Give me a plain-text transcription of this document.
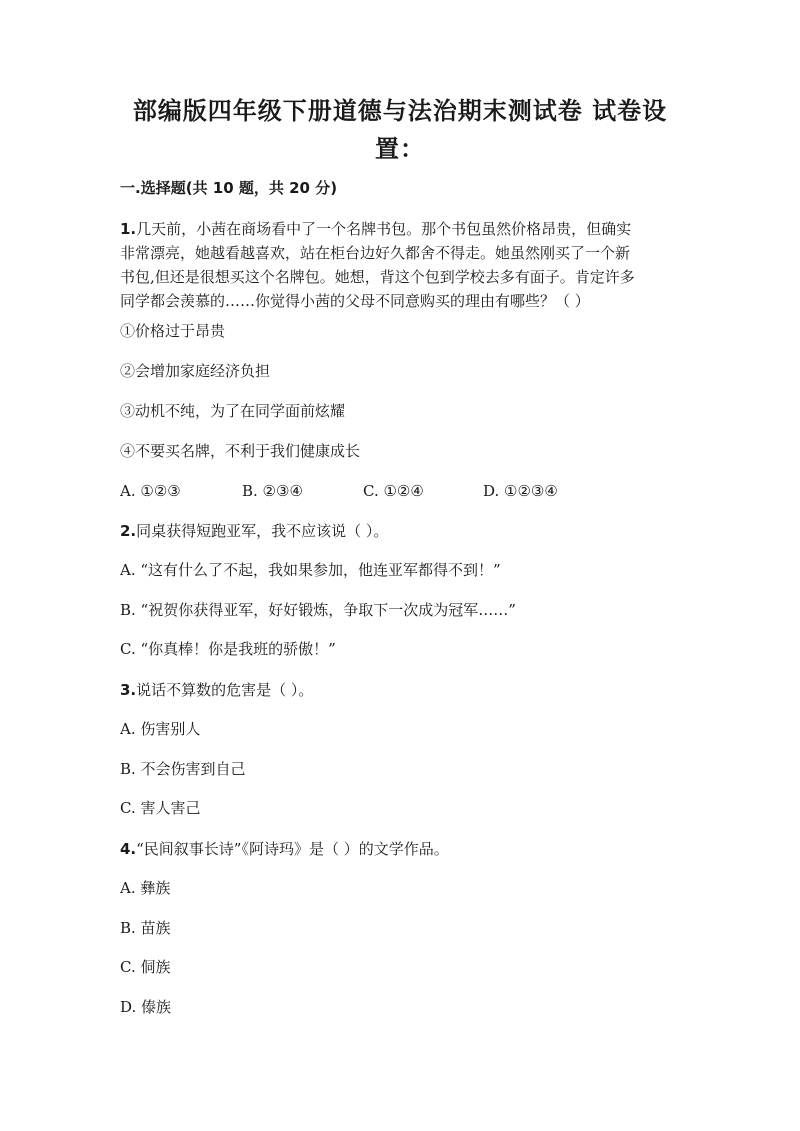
部编版四年级下册道德与法治期末测试卷 试卷设
置：
一.选择题(共 10 题，共 20 分)

1.几天前，小茜在商场看中了一个名牌书包。那个书包虽然价格昂贵，但确实
非常漂亮，她越看越喜欢，站在柜台边好久都舍不得走。她虽然刚买了一个新
书包,但还是很想买这个名牌包。她想，背这个包到学校去多有面子。肯定许多
同学都会羡慕的……你觉得小茜的父母不同意购买的理由有哪些？（ ）

①价格过于昂贵
②会增加家庭经济负担
③动机不纯，为了在同学面前炫耀
④不要买名牌，不利于我们健康成长
A. ①②③	B. ②③④	C. ①②④	D. ①②③④
2.同桌获得短跑亚军，我不应该说（ ）。
A. “这有什么了不起，我如果参加，他连亚军都得不到！”
B. “祝贺你获得亚军，好好锻炼，争取下一次成为冠军……”
C. “你真棒！你是我班的骄傲！”
3.说话不算数的危害是（ ）。
A. 伤害别人
B. 不会伤害到自己
C. 害人害己
4.“民间叙事长诗”《阿诗玛》是（ ）的文学作品。
A. 彝族
B. 苗族
C. 侗族
D. 傣族
